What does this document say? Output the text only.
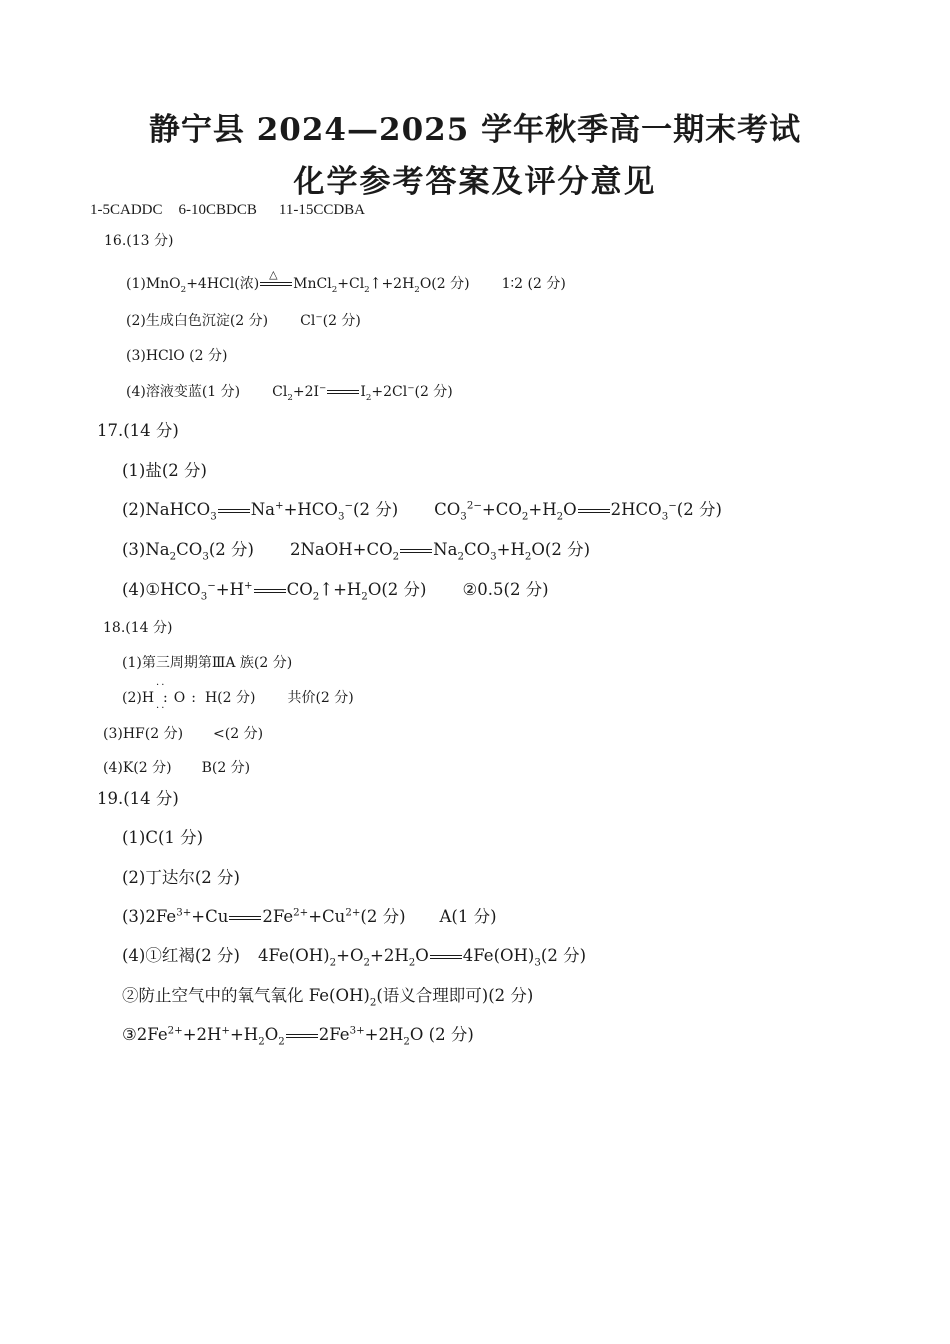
静宁县 2024—2025 学年秋季高一期末考试
化学参考答案及评分意见
1-5CADDC 6-10CBDCB 11-15CCDBA
16.(13 分)
(1)MnO$_2$+4HCl(浓)
△
$MnCl_2+Cl_2↑+2H_2O(2$ 分) 1∶2 (2 分)
(2)生成白色沉淀(2 分) Cl−(2 分)
(3)HClO (2 分)
(4)溶液变蓝(1 分) $Cl_2+2I^-$ $I_2+2Cl^-(2$ 分)
17.(14 分)
(1)盐(2 分)
(2)NaHCO$_3$ $Na^++HCO_3^-(2$ 分) $CO_3^{2-}+CO_2+H_2O$ $2HCO_3^-(2$ 分)
$(3)Na_2CO_3(2$ 分) $2NaOH+CO_2$ $Na_2CO_3+H_2O(2$ 分)
$(4)①HCO_3^-+H^+$ $CO_2↑+H_2O(2$ 分) ②0.5(2 分)
18.(14 分)
(1)第三周期第ⅢA 族(2 分)
(2)H
··
: O :
··
H(2 分) 共价(2 分)
(3)HF(2 分) <(2 分)
(4)K(2 分) B(2 分)
19.(14 分)
(1)C(1 分)
(2)丁达尔(2 分)
$(3)2Fe^{3+}+Cu$ $2Fe^{2+}+Cu^{2+}(2$ 分) A(1 分)
(4)①红褐(2 分) $4Fe(OH)_2+O_2+2H_2O$ $4Fe(OH)_3(2$ 分)
②防止空气中的氧气氧化 $Fe(OH)_2$(语义合理即可)(2 分)
$③2Fe^{2+}+2H^++H_2O_2$ $2Fe^{3+}+2H_2O$ (2 分)
